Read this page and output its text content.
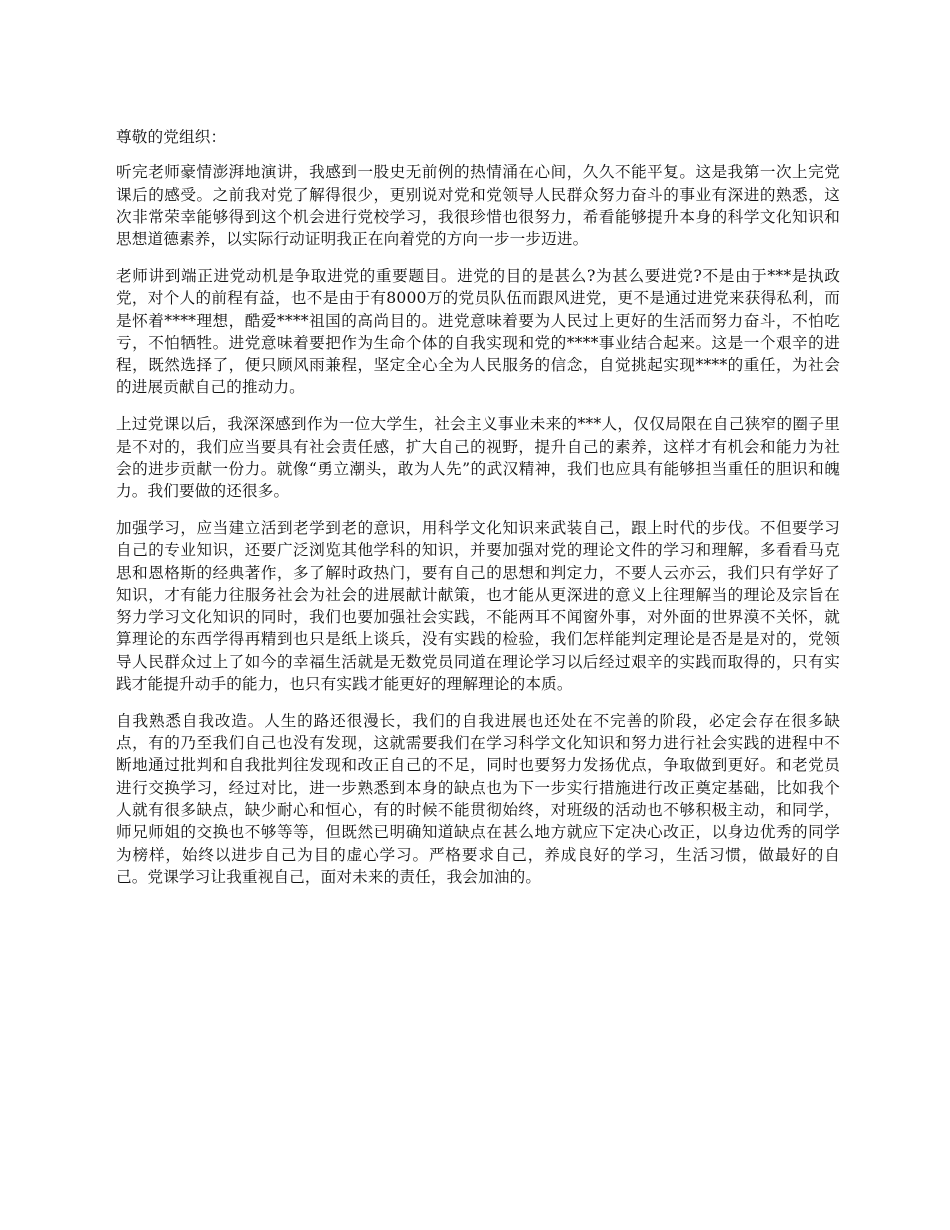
尊敬的党组织：

听完老师豪情澎湃地演讲，我感到一股史无前例的热情涌在心间，久久不能平复。这是我第一次上完党课后的感受。之前我对党了解得很少，更别说对党和党领导人民群众努力奋斗的事业有深进的熟悉，这次非常荣幸能够得到这个机会进行党校学习，我很珍惜也很努力，希看能够提升本身的科学文化知识和思想道德素养，以实际行动证明我正在向着党的方向一步一步迈进。

老师讲到端正进党动机是争取进党的重要题目。进党的目的是甚么?为甚么要进党?不是由于***是执政党，对个人的前程有益，也不是由于有8000万的党员队伍而跟风进党，更不是通过进党来获得私利，而是怀着****理想，酷爱****祖国的高尚目的。进党意味着要为人民过上更好的生活而努力奋斗，不怕吃亏，不怕牺牲。进党意味着要把作为生命个体的自我实现和党的****事业结合起来。这是一个艰辛的进程，既然选择了，便只顾风雨兼程，坚定全心全为人民服务的信念，自觉挑起实现****的重任，为社会的进展贡献自己的推动力。

上过党课以后，我深深感到作为一位大学生，社会主义事业未来的***人，仅仅局限在自己狭窄的圈子里是不对的，我们应当要具有社会责任感，扩大自己的视野，提升自己的素养，这样才有机会和能力为社会的进步贡献一份力。就像“勇立潮头，敢为人先”的武汉精神，我们也应具有能够担当重任的胆识和魄力。我们要做的还很多。

加强学习，应当建立活到老学到老的意识，用科学文化知识来武装自己，跟上时代的步伐。不但要学习自己的专业知识，还要广泛浏览其他学科的知识，并要加强对党的理论文件的学习和理解，多看看马克思和恩格斯的经典著作，多了解时政热门，要有自己的思想和判定力，不要人云亦云，我们只有学好了知识，才有能力往服务社会为社会的进展献计献策，也才能从更深进的意义上往理解当的理论及宗旨在努力学习文化知识的同时，我们也要加强社会实践，不能两耳不闻窗外事，对外面的世界漠不关怀，就算理论的东西学得再精到也只是纸上谈兵，没有实践的检验，我们怎样能判定理论是否是是对的，党领导人民群众过上了如今的幸福生活就是无数党员同道在理论学习以后经过艰辛的实践而取得的，只有实践才能提升动手的能力，也只有实践才能更好的理解理论的本质。

自我熟悉自我改造。人生的路还很漫长，我们的自我进展也还处在不完善的阶段，必定会存在很多缺点，有的乃至我们自己也没有发现，这就需要我们在学习科学文化知识和努力进行社会实践的进程中不断地通过批判和自我批判往发现和改正自己的不足，同时也要努力发扬优点，争取做到更好。和老党员进行交换学习，经过对比，进一步熟悉到本身的缺点也为下一步实行措施进行改正奠定基础，比如我个人就有很多缺点，缺少耐心和恒心，有的时候不能贯彻始终，对班级的活动也不够积极主动，和同学，师兄师姐的交换也不够等等，但既然已明确知道缺点在甚么地方就应下定决心改正，以身边优秀的同学为榜样，始终以进步自己为目的虚心学习。严格要求自己，养成良好的学习，生活习惯，做最好的自己。党课学习让我重视自己，面对未来的责任，我会加油的。
